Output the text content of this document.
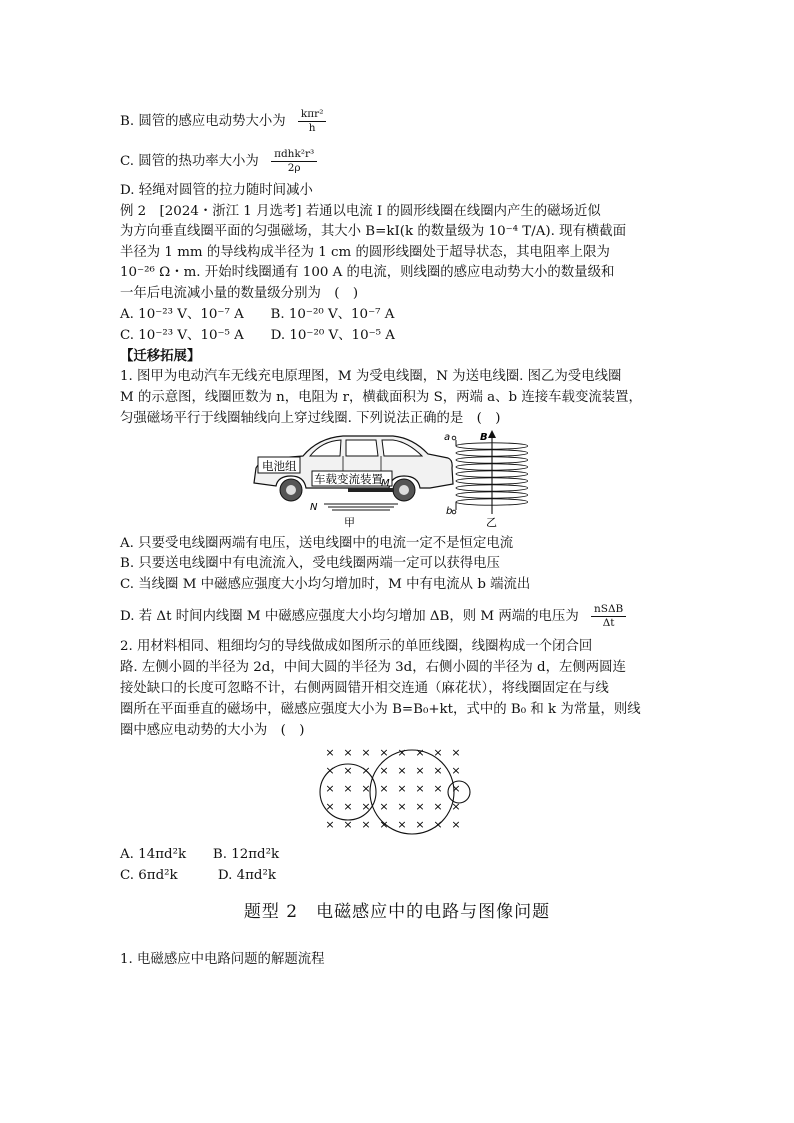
B. 圆管的感应电动势大小为 $\frac{\text{kπr²}}{h}$
C. 圆管的热功率大小为 $\frac{\text{πdhk²r³}}{2\rho}$
D. 轻绳对圆管的拉力随时间减小
例 2　[2024・浙江 1 月选考] 若通以电流 I 的圆形线圈在线圈内产生的磁场近似
为方向垂直线圈平面的匀强磁场，其大小 B=kI(k 的数量级为 10⁻⁴ T/A). 现有横截面
半径为 1 mm 的导线构成半径为 1 cm 的圆形线圈处于超导状态，其电阻率上限为
10⁻²⁶ Ω・m. 开始时线圈通有 100 A 的电流，则线圈的感应电动势大小的数量级和
一年后电流减小量的数量级分别为　(　)
A. 10⁻²³ V、10⁻⁷ A　　B. 10⁻²⁰ V、10⁻⁷ A
C. 10⁻²³ V、10⁻⁵ A　　D. 10⁻²⁰ V、10⁻⁵ A
【迁移拓展】
1. 图甲为电动汽车无线充电原理图，M 为受电线圈，N 为送电线圈. 图乙为受电线圈
M 的示意图，线圈匝数为 n，电阻为 r，横截面积为 S，两端 a、b 连接车载变流装置，
匀强磁场平行于线圈轴线向上穿过线圈. 下列说法正确的是　(　)
电池组
车载变流装置
M
N
甲
a
b
B
乙
A. 只要受电线圈两端有电压，送电线圈中的电流一定不是恒定电流
B. 只要送电线圈中有电流流入，受电线圈两端一定可以获得电压
C. 当线圈 M 中磁感应强度大小均匀增加时，M 中有电流从 b 端流出
D. 若 Δt 时间内线圈 M 中磁感应强度大小均匀增加 ΔB，则 M 两端的电压为 $\frac{\text{nSΔB}}{\Delta t}$
2. 用材料相同、粗细均匀的导线做成如图所示的单匝线圈，线圈构成一个闭合回
路. 左侧小圆的半径为 2d，中间大圆的半径为 3d，右侧小圆的半径为 d，左侧两圆连
接处缺口的长度可忽略不计，右侧两圆错开相交连通（麻花状），将线圈固定在与线
圈所在平面垂直的磁场中，磁感应强度大小为 B=B₀+kt，式中的 B₀ 和 k 为常量，则线
圈中感应电动势的大小为　(　)
× × × × × × × ×
× × × × × × × ×
× × × × × × × ×
× × × × × × × ×
× × × × × × × ×
A. 14πd²k　　B. 12πd²k
C. 6πd²k　　　D. 4πd²k
题型 2　电磁感应中的电路与图像问题
1. 电磁感应中电路问题的解题流程
